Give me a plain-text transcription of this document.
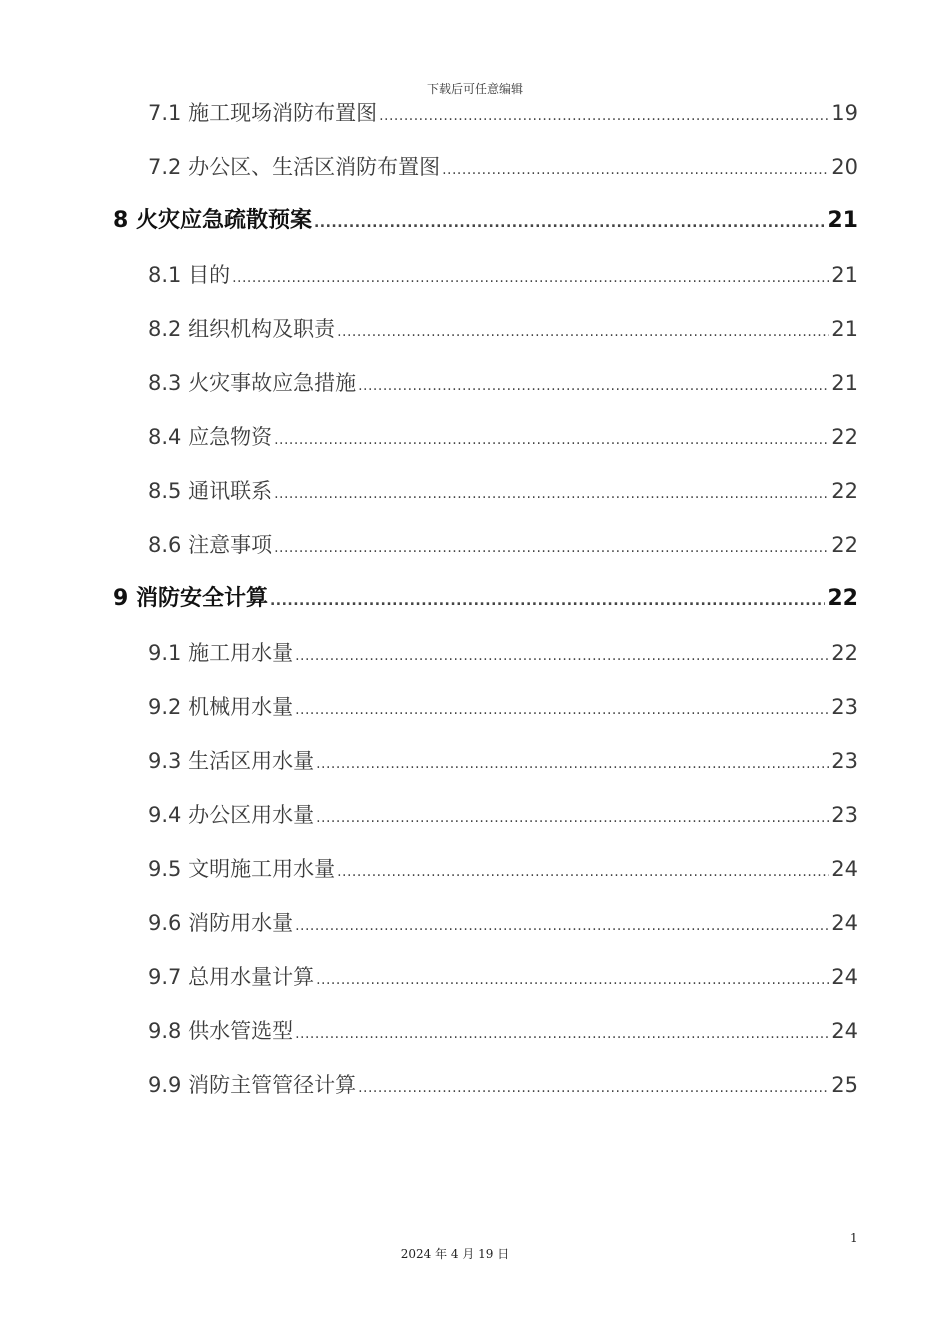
下载后可任意编辑
7.1 施工现场消防布置图 .....	19
7.2 办公区、生活区消防布置图 .....	20
8 火灾应急疏散预案 .....	21
8.1 目的 .....	21
8.2 组织机构及职责 .....	21
8.3 火灾事故应急措施 .....	21
8.4 应急物资 .....	22
8.5 通讯联系 .....	22
8.6 注意事项 .....	22
9 消防安全计算 .....	22
9.1 施工用水量 .....	22
9.2 机械用水量 .....	23
9.3 生活区用水量 .....	23
9.4 办公区用水量 .....	23
9.5 文明施工用水量 .....	24
9.6 消防用水量 .....	24
9.7 总用水量计算 .....	24
9.8 供水管选型 .....	24
9.9 消防主管管径计算 .....	25
1
2024 年 4 月 19 日
